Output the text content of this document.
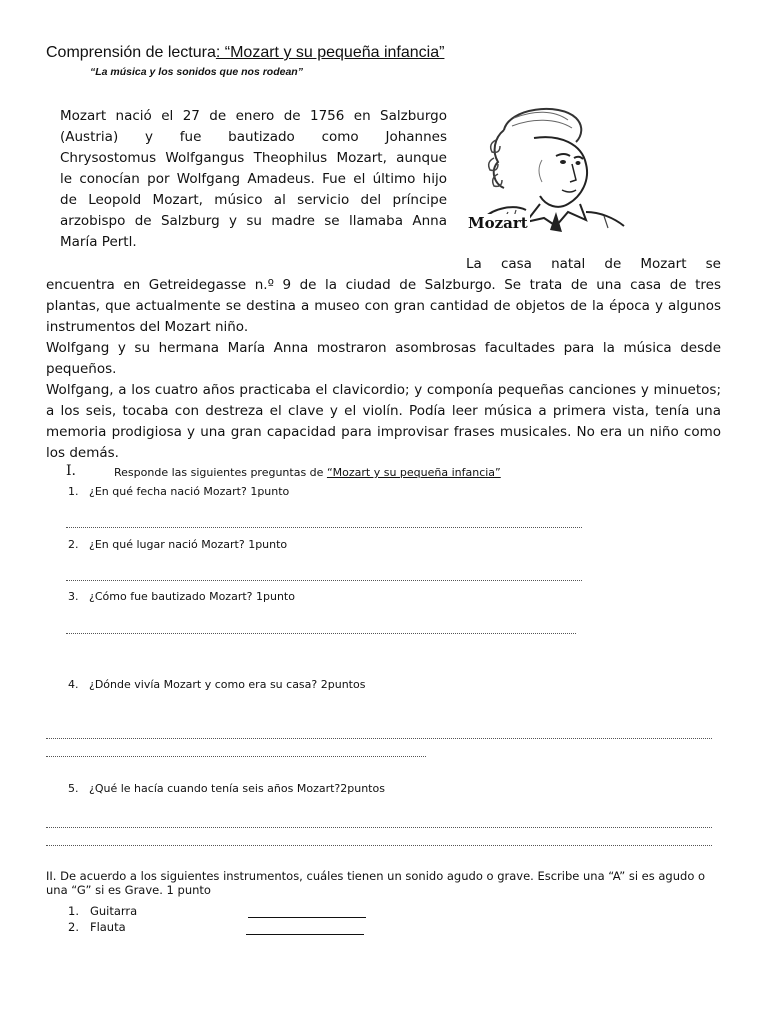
Comprensión de lectura: “Mozart y su pequeña infancia”
“La música y los sonidos que nos rodean”
Mozart nació el 27 de enero de 1756 en Salzburgo
(Austria) y fue bautizado como Johannes
Chrysostomus Wolfgangus Theophilus Mozart, aunque
le conocían por Wolfgang Amadeus. Fue el último hijo
de Leopold Mozart, músico al servicio del príncipe
arzobispo de Salzburg y su madre se llamaba Anna
María Pertl.
Mozart
La casa natal de Mozart se
encuentra en Getreidegasse n.º 9 de la ciudad de Salzburgo. Se trata de una casa de tres
plantas, que actualmente se destina a museo con gran cantidad de objetos de la época y algunos
instrumentos del Mozart niño.
Wolfgang y su hermana María Anna mostraron asombrosas facultades para la música desde
pequeños.
Wolfgang, a los cuatro años practicaba el clavicordio; y componía pequeñas canciones y minuetos;
a los seis, tocaba con destreza el clave y el violín. Podía leer música a primera vista, tenía una
memoria prodigiosa y una gran capacidad para improvisar frases musicales. No era un niño como
los demás.
I.	Responde las siguientes preguntas de “Mozart y su pequeña infancia”
1. ¿En qué fecha nació Mozart? 1punto
2. ¿En qué lugar nació Mozart? 1punto
3. ¿Cómo fue bautizado Mozart? 1punto
4. ¿Dónde vivía Mozart y como era su casa? 2puntos
5. ¿Qué le hacía cuando tenía seis años Mozart?2puntos
II. De acuerdo a los siguientes instrumentos, cuáles tienen un sonido agudo o grave. Escribe una “A” si es agudo o
una “G” si es Grave. 1 punto
1. Guitarra
2. Flauta
